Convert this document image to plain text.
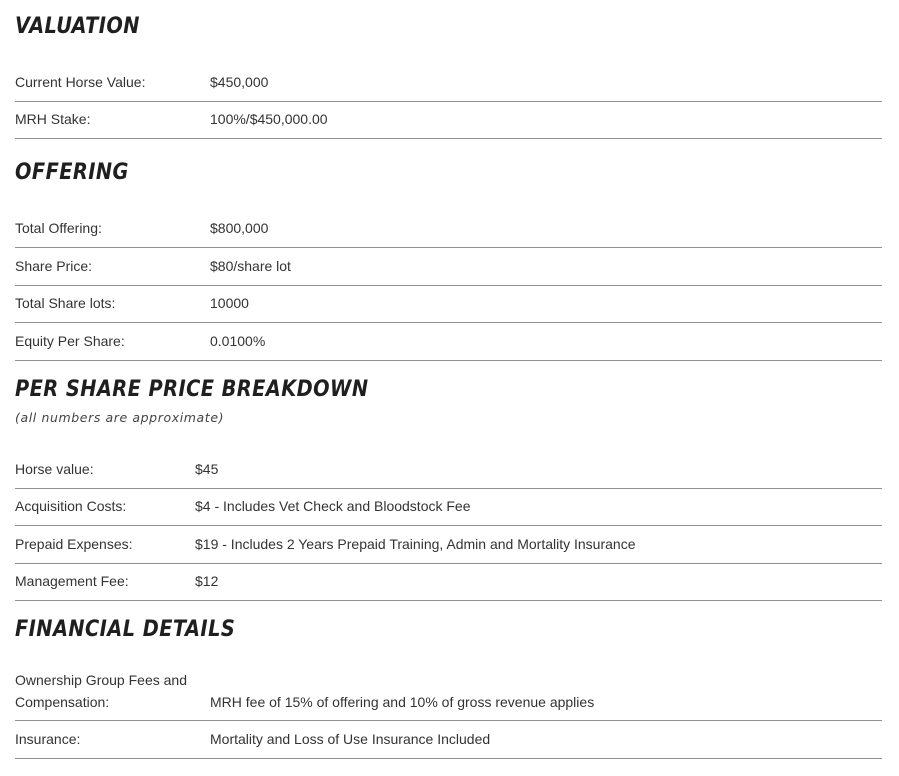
VALUATION
Current Horse Value:	$450,000
MRH Stake:	100%/$450,000.00
OFFERING
Total Offering:	$800,000
Share Price:	$80/share lot
Total Share lots:	10000
Equity Per Share:	0.0100%
PER SHARE PRICE BREAKDOWN

(all numbers are approximate)

Horse value:	$45
Acquisition Costs:	$4 - Includes Vet Check and Bloodstock Fee
Prepaid Expenses:	$19 - Includes 2 Years Prepaid Training, Admin and Mortality Insurance
Management Fee:	$12
FINANCIAL DETAILS
Ownership Group Fees and Compensation:	MRH fee of 15% of offering and 10% of gross revenue applies
Insurance:	Mortality and Loss of Use Insurance Included
